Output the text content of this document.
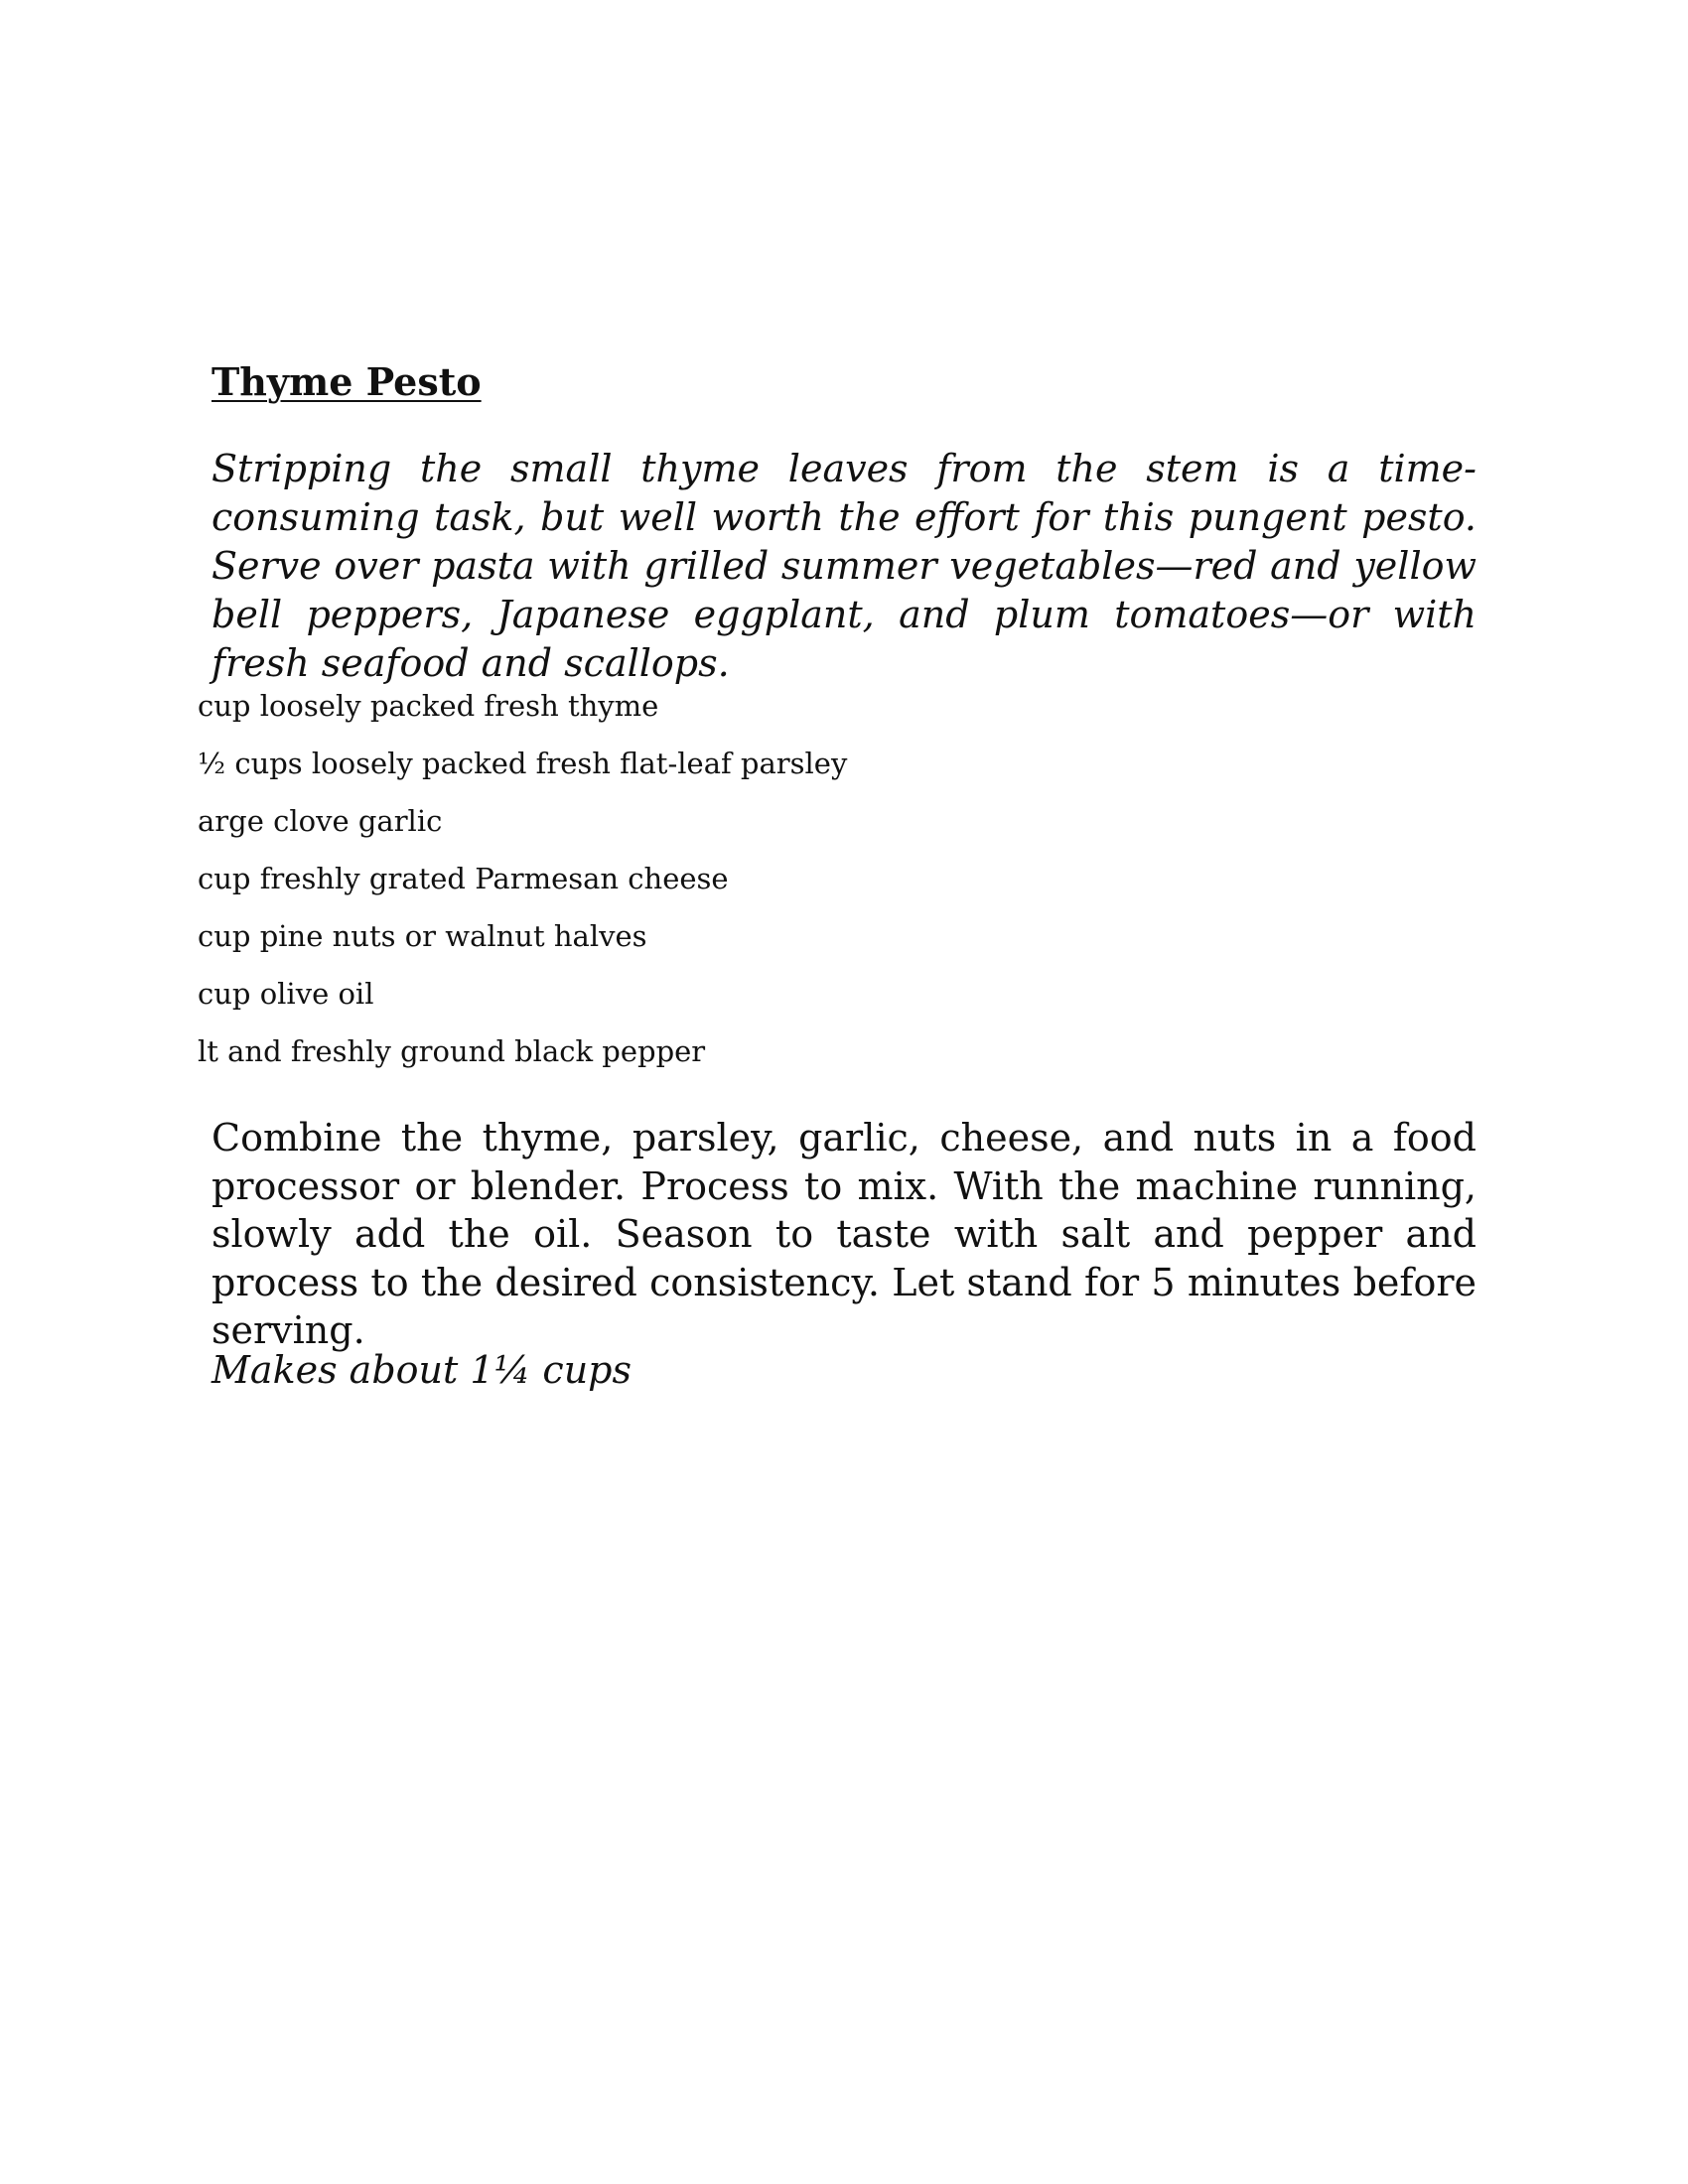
Thyme Pesto

Stripping the small thyme leaves from the stem is a time-consuming task, but well worth the effort for this pungent pesto. Serve over pasta with grilled summer vegetables—red and yellow bell peppers, Japanese eggplant, and plum tomatoes—or with fresh seafood and scallops.

cup loosely packed fresh thyme
½ cups loosely packed fresh flat-leaf parsley
arge clove garlic
cup freshly grated Parmesan cheese
cup pine nuts or walnut halves
cup olive oil
lt and freshly ground black pepper

Combine the thyme, parsley, garlic, cheese, and nuts in a food processor or blender. Process to mix. With the machine running, slowly add the oil. Season to taste with salt and pepper and process to the desired consistency. Let stand for 5 minutes before serving.

Makes about 1¼ cups
